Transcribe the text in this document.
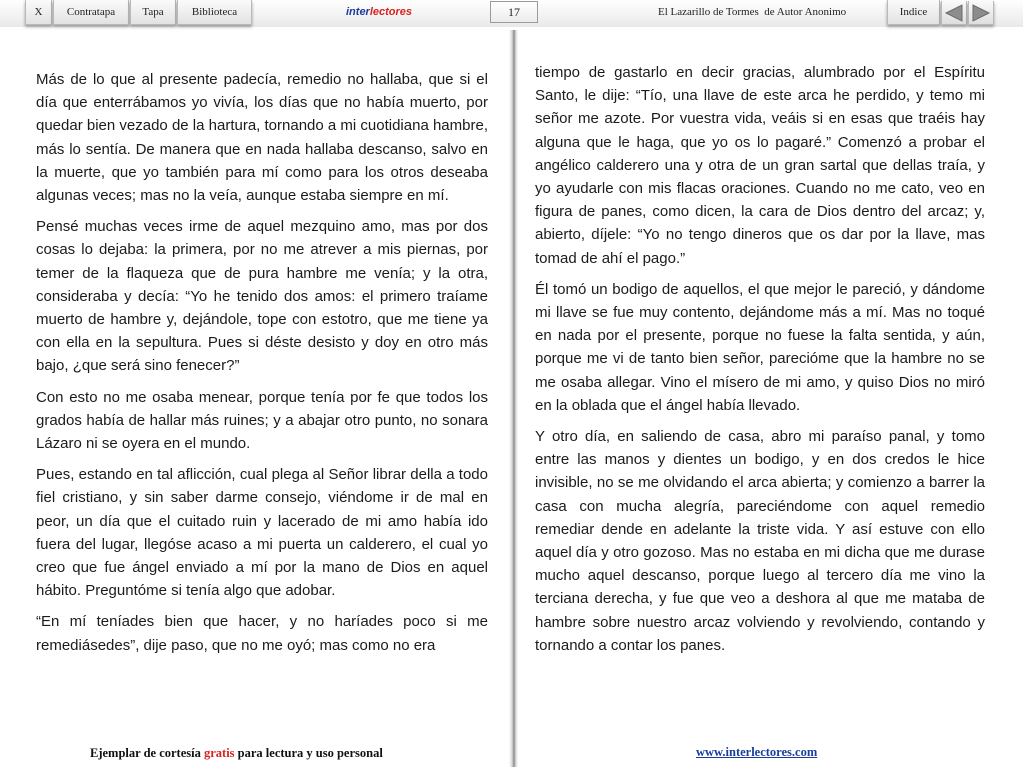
X	Contratapa	Tapa	Biblioteca	interlectores	17	El Lazarillo de Tormes  de Autor Anonimo	Indice

Más de lo que al presente padecía, remedio no hallaba, que si el día que enterrábamos yo vivía, los días que no había muerto, por quedar bien vezado de la hartura, tornando a mi cuotidiana hambre, más lo sentía. De manera que en nada hallaba descanso, salvo en la muerte, que yo también para mí como para los otros deseaba algunas veces; mas no la veía, aunque estaba siempre en mí.

Pensé muchas veces irme de aquel mezquino amo, mas por dos cosas lo dejaba: la primera, por no me atrever a mis piernas, por temer de la flaqueza que de pura hambre me venía; y la otra, consideraba y decía: “Yo he tenido dos amos: el primero traíame muerto de hambre y, dejándole, tope con estotro, que me tiene ya con ella en la sepultura. Pues si déste desisto y doy en otro más bajo, ¿que será sino fenecer?”

Con esto no me osaba menear, porque tenía por fe que todos los grados había de hallar más ruines; y a abajar otro punto, no sonara Lázaro ni se oyera en el mundo.

Pues, estando en tal aflicción, cual plega al Señor librar della a todo fiel cristiano, y sin saber darme consejo, viéndome ir de mal en peor, un día que el cuitado ruin y lacerado de mi amo había ido fuera del lugar, llegóse acaso a mi puerta un calderero, el cual yo creo que fue ángel enviado a mí por la mano de Dios en aquel hábito. Preguntóme si tenía algo que adobar.

“En mí teníades bien que hacer, y no haríades poco si me remediásedes”, dije paso, que no me oyó; mas como no era

tiempo de gastarlo en decir gracias, alumbrado por el Espíritu Santo, le dije: “Tío, una llave de este arca he perdido, y temo mi señor me azote. Por vuestra vida, veáis si en esas que traéis hay alguna que le haga, que yo os lo pagaré.” Comenzó a probar el angélico calderero una y otra de un gran sartal que dellas traía, y yo ayudarle con mis flacas oraciones. Cuando no me cato, veo en figura de panes, como dicen, la cara de Dios dentro del arcaz; y, abierto, díjele: “Yo no tengo dineros que os dar por la llave, mas tomad de ahí el pago.”

Él tomó un bodigo de aquellos, el que mejor le pareció, y dándome mi llave se fue muy contento, dejándome más a mí. Mas no toqué en nada por el presente, porque no fuese la falta sentida, y aún, porque me vi de tanto bien señor, parecióme que la hambre no se me osaba allegar. Vino el mísero de mi amo, y quiso Dios no miró en la oblada que el ángel había llevado.

Y otro día, en saliendo de casa, abro mi paraíso panal, y tomo entre las manos y dientes un bodigo, y en dos credos le hice invisible, no se me olvidando el arca abierta; y comienzo a barrer la casa con mucha alegría, pareciéndome con aquel remedio remediar dende en adelante la triste vida. Y así estuve con ello aquel día y otro gozoso. Mas no estaba en mi dicha que me durase mucho aquel descanso, porque luego al tercero día me vino la terciana derecha, y fue que veo a deshora al que me mataba de hambre sobre nuestro arcaz volviendo y revolviendo, contando y tornando a contar los panes.

Ejemplar de cortesía gratis para lectura y uso personal	www.interlectores.com
